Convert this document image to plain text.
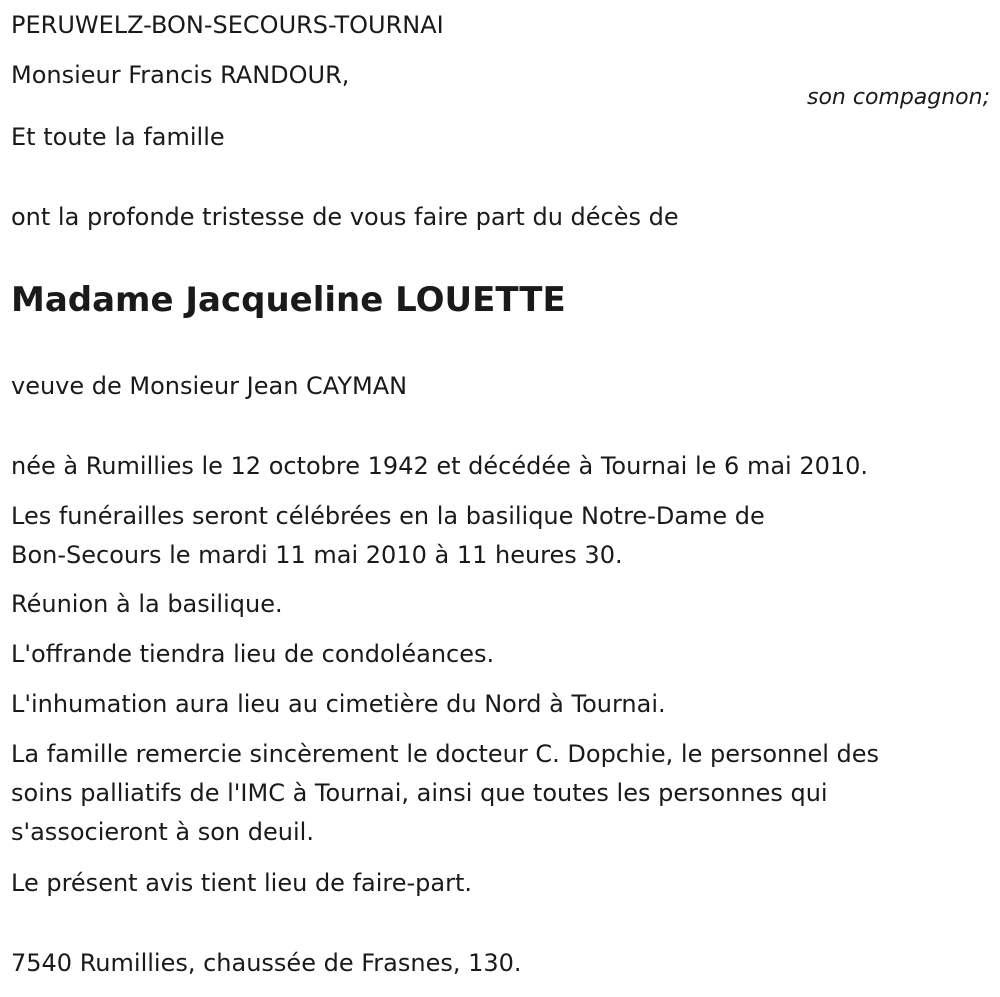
PERUWELZ-BON-SECOURS-TOURNAI

Monsieur Francis RANDOUR,

son compagnon;

Et toute la famille

ont la profonde tristesse de vous faire part du décès de

Madame Jacqueline LOUETTE

veuve de Monsieur Jean CAYMAN

née à Rumillies le 12 octobre 1942 et décédée à Tournai le 6 mai 2010.

Les funérailles seront célébrées en la basilique Notre-Dame de

Bon-Secours le mardi 11 mai 2010 à 11 heures 30.

Réunion à la basilique.

L'offrande tiendra lieu de condoléances.

L'inhumation aura lieu au cimetière du Nord à Tournai.

La famille remercie sincèrement le docteur C. Dopchie, le personnel des

soins palliatifs de l'IMC à Tournai, ainsi que toutes les personnes qui

s'associeront à son deuil.

Le présent avis tient lieu de faire-part.

7540 Rumillies, chaussée de Frasnes, 130.
